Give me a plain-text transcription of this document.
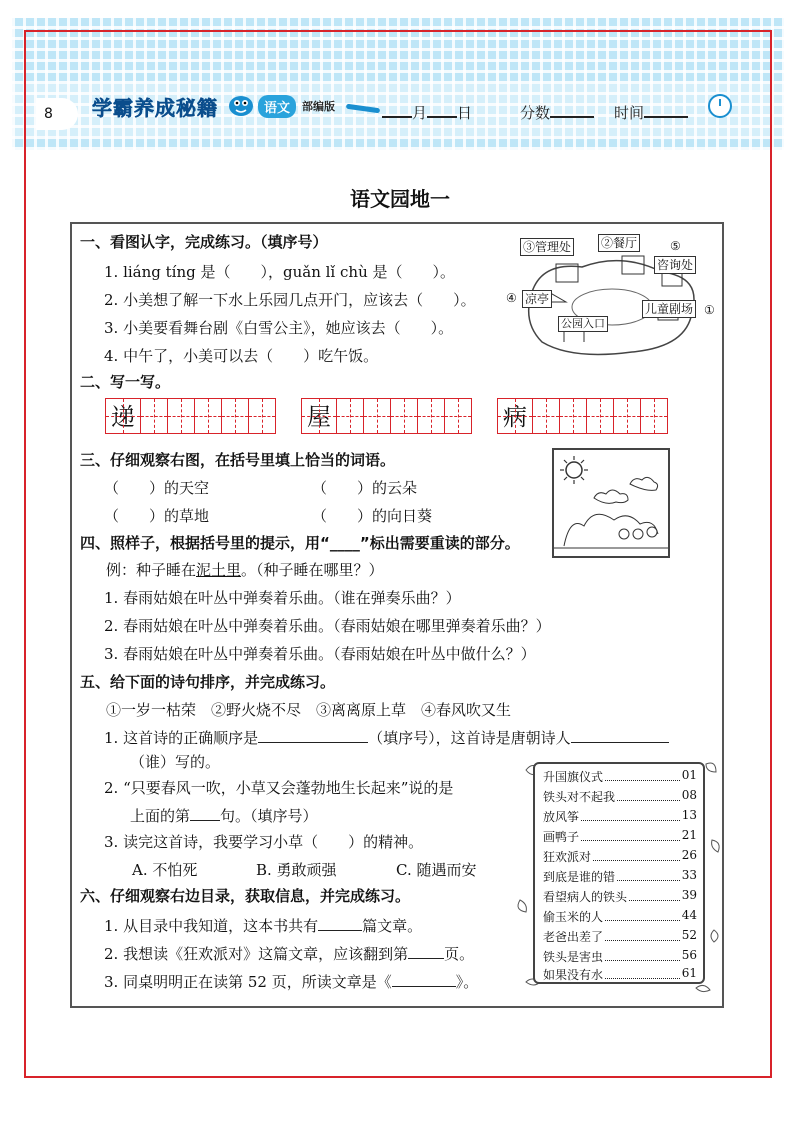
8	学霸养成秘籍	语文	部编版	月 日	分数	时间
语文园地一
一、看图认字，完成练习。（填序号）
1. liáng tíng 是（　　），guǎn lǐ chù 是（　　）。
2. 小美想了解一下水上乐园几点开门，应该去（　　）。
3. 小美要看舞台剧《白雪公主》，她应该去（　　）。
4. 中午了，小美可以去（　　）吃午饭。
③管理处 ②餐厅	⑤
咨询处
④ 凉亭
儿童剧场 ①
公园入口
二、写一写。
递	屋	病
三、仔细观察右图，在括号里填上恰当的词语。
（　　）的天空	（　　）的云朵
（　　）的草地	（　　）的向日葵
四、照样子，根据括号里的提示，用“____”标出需要重读的部分。
例：种子睡在泥土里。（种子睡在哪里？）
1. 春雨姑娘在叶丛中弹奏着乐曲。（谁在弹奏乐曲？）
2. 春雨姑娘在叶丛中弹奏着乐曲。（春雨姑娘在哪里弹奏着乐曲？）
3. 春雨姑娘在叶丛中弹奏着乐曲。（春雨姑娘在叶丛中做什么？）
五、给下面的诗句排序，并完成练习。
①一岁一枯荣　②野火烧不尽　③离离原上草　④春风吹又生
1. 这首诗的正确顺序是	（填序号），这首诗是唐朝诗人
（谁）写的。
2. “只要春风一吹，小草又会蓬勃地生长起来”说的是
上面的第 句。（填序号）
3. 读完这首诗，我要学习小草（　　）的精神。
A. 不怕死	B. 勇敢顽强	C. 随遇而安
六、仔细观察右边目录，获取信息，并完成练习。
1. 从目录中我知道，这本书共有	篇文章。
2. 我想读《狂欢派对》这篇文章，应该翻到第 页。
3. 同桌明明正在读第 52 页，所读文章是《	》。
升国旗仪式	01
铁头对不起我	08
放风筝	13
画鸭子	21
狂欢派对	26
到底是谁的错	33
看望病人的铁头	39
偷玉米的人	44
老爸出差了	52
铁头是害虫	56
如果没有水	61
